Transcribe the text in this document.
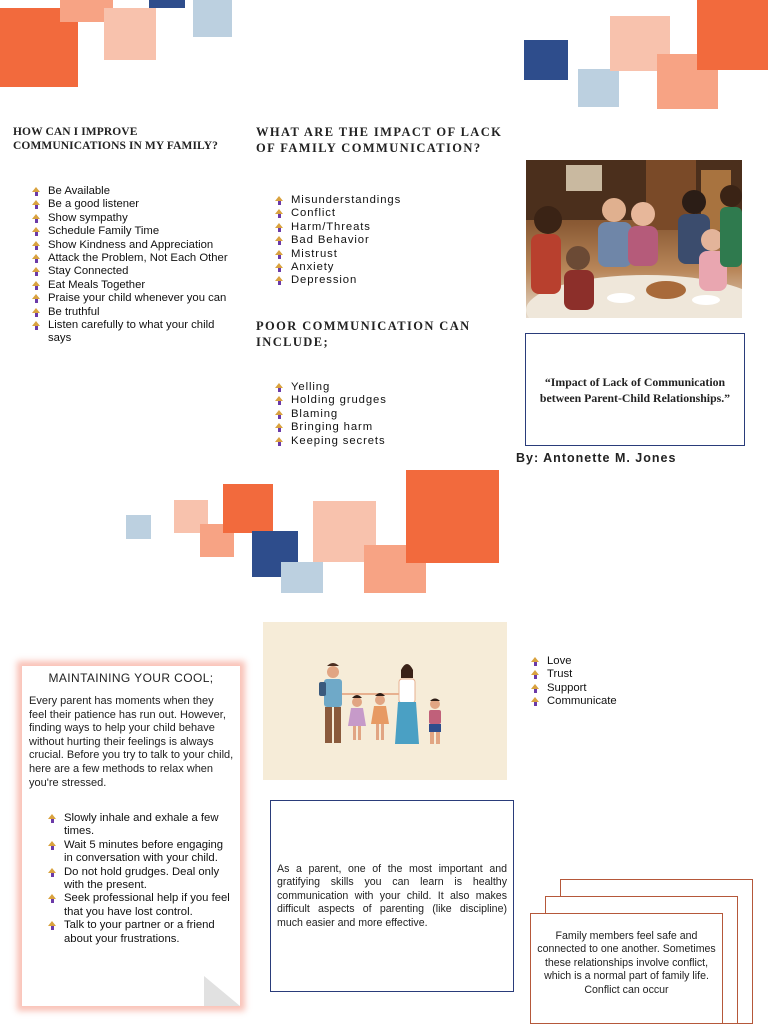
HOW CAN I IMPROVE COMMUNICATIONS IN MY FAMILY?
Be Available
Be a good listener
Show sympathy
Schedule Family Time
Show Kindness and Appreciation
Attack the Problem, Not Each Other
Stay Connected
Eat Meals Together
Praise your child whenever you can
Be truthful
Listen carefully to what your child says
WHAT ARE THE IMPACT OF LACK OF FAMILY COMMUNICATION?
Misunderstandings
Conflict
Harm/Threats
Bad Behavior
Mistrust
Anxiety
Depression
POOR COMMUNICATION CAN INCLUDE;
Yelling
Holding grudges
Blaming
Bringing harm
Keeping secrets
“Impact of Lack of Communication between Parent-Child Relationships.”
By: Antonette M. Jones
MAINTAINING YOUR COOL;
Every parent has moments when they feel their patience has run out. However, finding ways to help your child behave without hurting their feelings is always crucial. Before you try to talk to your child, here are a few methods to relax when you're stressed.
Slowly inhale and exhale a few times.
Wait 5 minutes before engaging in conversation with your child.
Do not hold grudges. Deal only with the present.
Seek professional help if you feel that you have lost control.
Talk to your partner or a friend about your frustrations.
Love
Trust
Support
Communicate
As a parent, one of the most important and gratifying skills you can learn is healthy communication with your child. It also makes difficult aspects of parenting (like discipline) much easier and more effective.
Family members feel safe and connected to one another. Sometimes these relationships involve conflict, which is a normal part of family life. Conflict can occur
